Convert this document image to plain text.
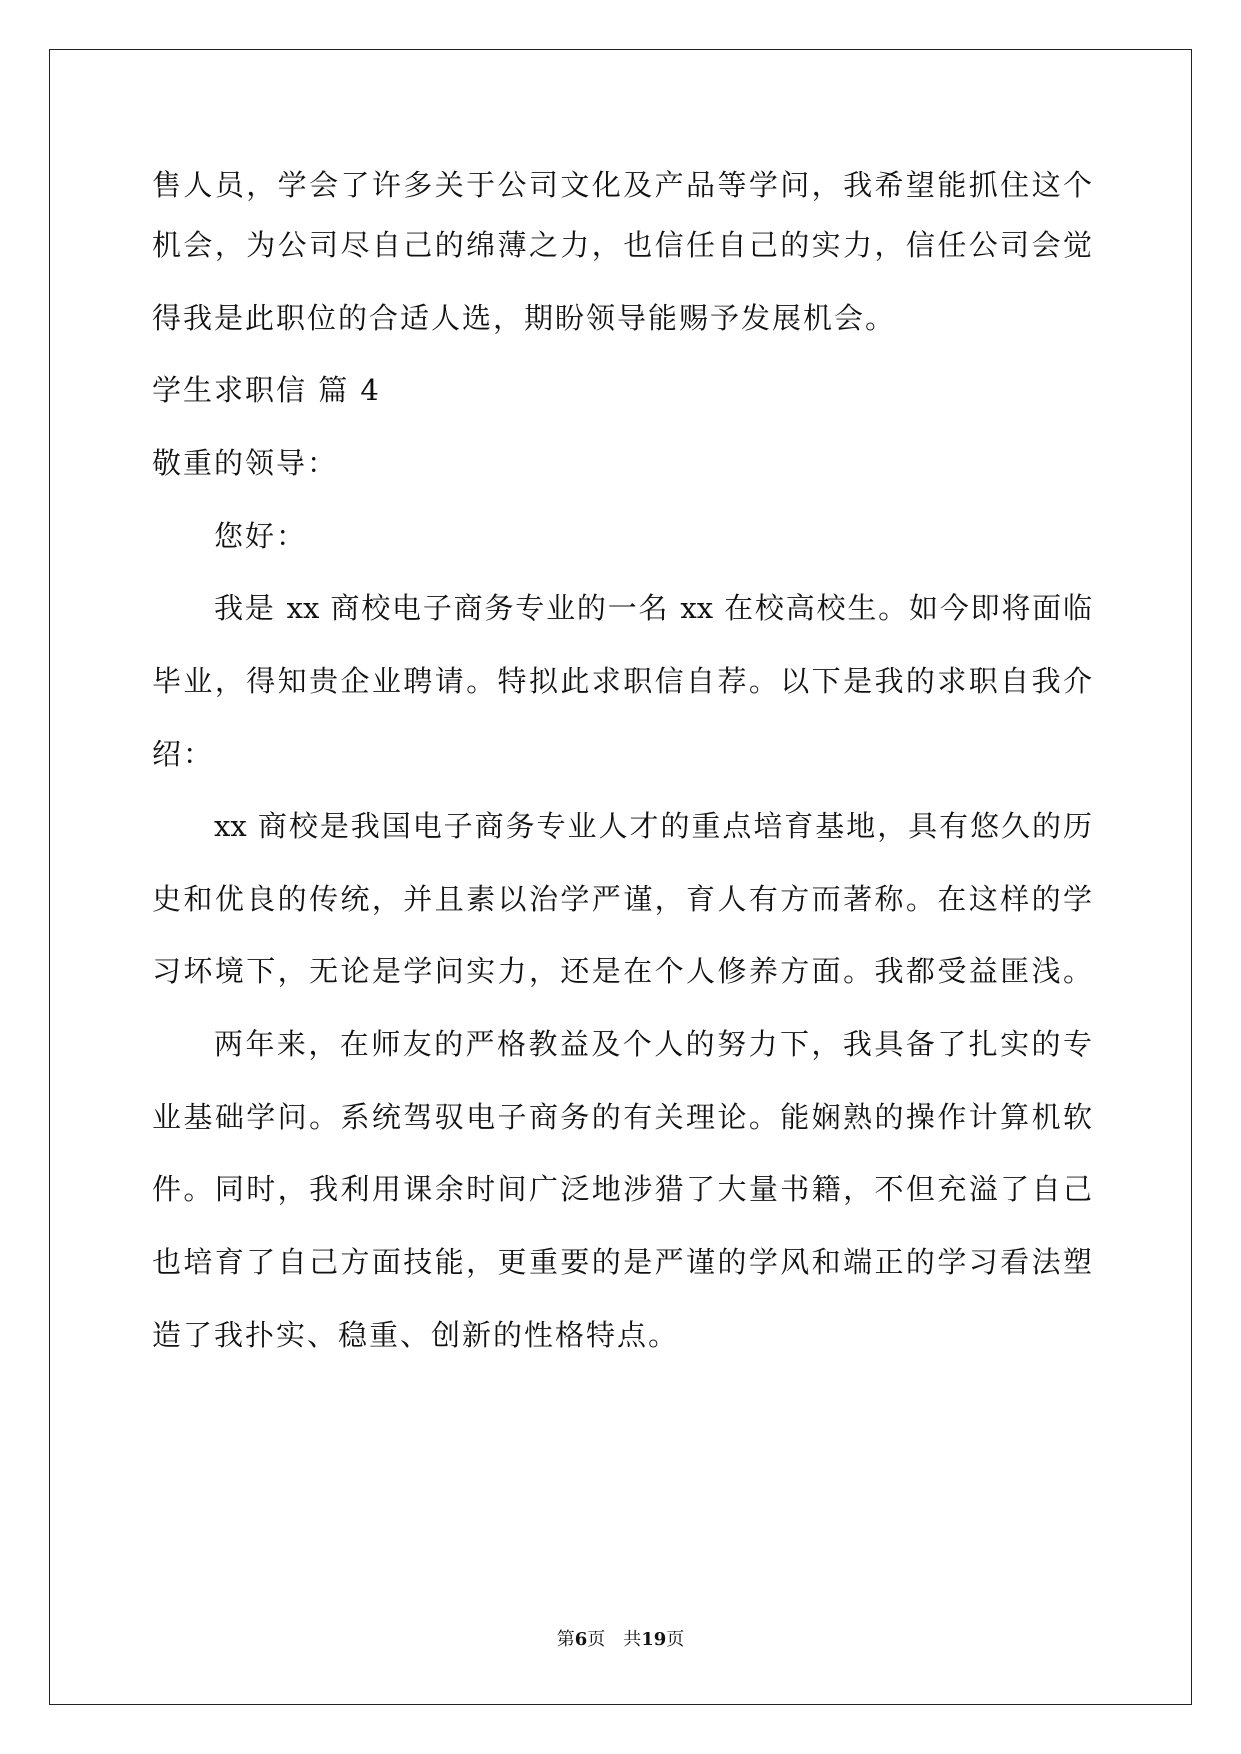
售人员，学会了许多关于公司文化及产品等学问，我希望能抓住这个
机会，为公司尽自己的绵薄之力，也信任自己的实力，信任公司会觉
得我是此职位的合适人选，期盼领导能赐予发展机会。
学生求职信 篇 4
敬重的领导：
您好：
我是 xx 商校电子商务专业的一名 xx 在校高校生。如今即将面临
毕业，得知贵企业聘请。特拟此求职信自荐。以下是我的求职自我介
绍：
xx 商校是我国电子商务专业人才的重点培育基地，具有悠久的历
史和优良的传统，并且素以治学严谨，育人有方而著称。在这样的学
习坏境下，无论是学问实力，还是在个人修养方面。我都受益匪浅。
两年来，在师友的严格教益及个人的努力下，我具备了扎实的专
业基础学问。系统驾驭电子商务的有关理论。能娴熟的操作计算机软
件。同时，我利用课余时间广泛地涉猎了大量书籍，不但充溢了自己
也培育了自己方面技能，更重要的是严谨的学风和端正的学习看法塑
造了我扑实、稳重、创新的性格特点。
第6页　共19页
